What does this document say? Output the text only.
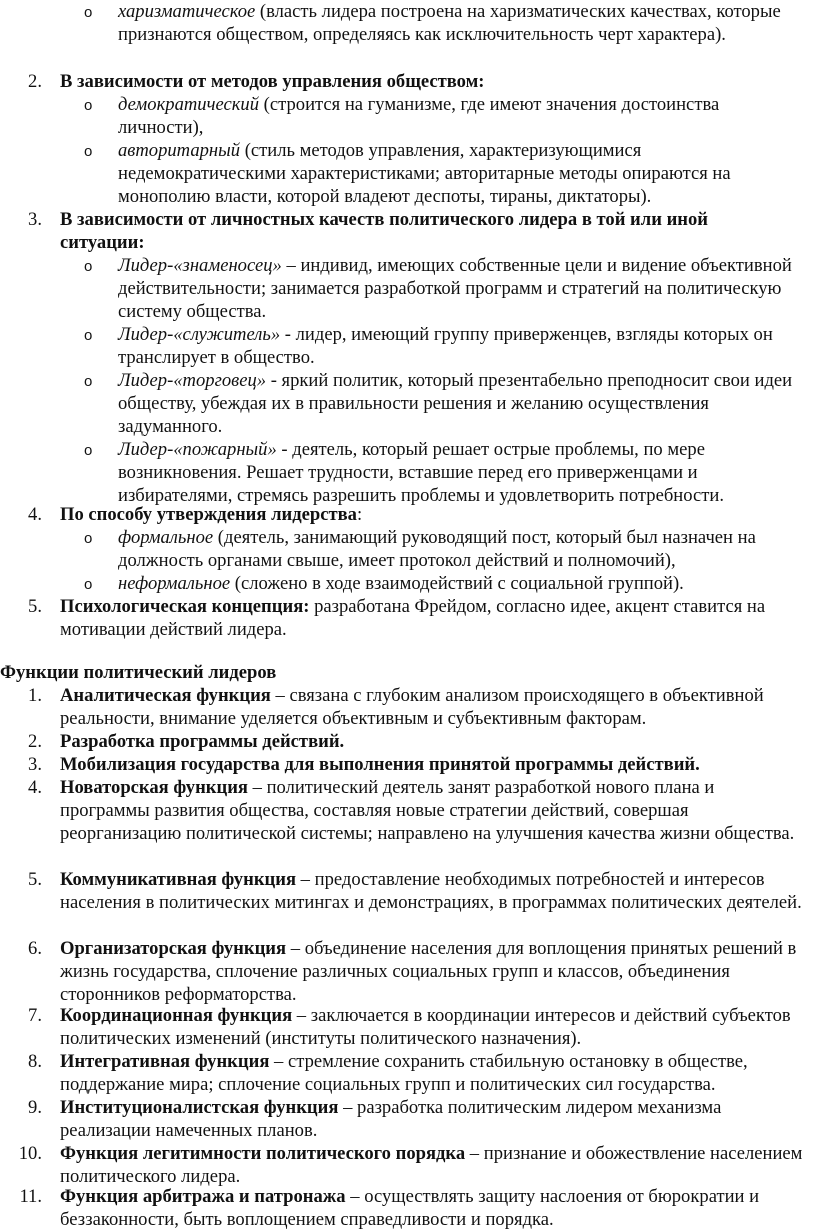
o	харизматическое (власть лидера построена на харизматических качествах, которые признаются обществом, определяясь как исключительность черт характера).
2. В зависимости от методов управления обществом:
o	демократический (строится на гуманизме, где имеют значения достоинства личности),
o	авторитарный (стиль методов управления, характеризующимися недемократическими характеристиками; авторитарные методы опираются на монополию власти, которой владеют деспоты, тираны, диктаторы).
3. В зависимости от личностных качеств политического лидера в той или иной ситуации:
o	Лидер-«знаменосец» – индивид, имеющих собственные цели и видение объективной действительности; занимается разработкой программ и стратегий на политическую систему общества.
o	Лидер-«служитель» - лидер, имеющий группу приверженцев, взгляды которых он транслирует в общество.
o	Лидер-«торговец» - яркий политик, который презентабельно преподносит свои идеи обществу, убеждая их в правильности решения и желанию осуществления задуманного.
o	Лидер-«пожарный» - деятель, который решает острые проблемы, по мере возникновения. Решает трудности, вставшие перед его приверженцами и избирателями, стремясь разрешить проблемы и удовлетворить потребности.
4. По способу утверждения лидерства:
o	формальное (деятель, занимающий руководящий пост, который был назначен на должность органами свыше, имеет протокол действий и полномочий),
o	неформальное (сложено в ходе взаимодействий с социальной группой).
5. Психологическая концепция: разработана Фрейдом, согласно идее, акцент ставится на мотивации действий лидера.
Функции политический лидеров
1. Аналитическая функция – связана с глубоким анализом происходящего в объективной реальности, внимание уделяется объективным и субъективным факторам.
2. Разработка программы действий.
3. Мобилизация государства для выполнения принятой программы действий.
4. Новаторская функция – политический деятель занят разработкой нового плана и программы развития общества, составляя новые стратегии действий, совершая реорганизацию политической системы; направлено на улучшения качества жизни общества.
5. Коммуникативная функция – предоставление необходимых потребностей и интересов населения в политических митингах и демонстрациях, в программах политических деятелей.
6. Организаторская функция – объединение населения для воплощения принятых решений в жизнь государства, сплочение различных социальных групп и классов, объединения сторонников реформаторства.
7. Координационная функция – заключается в координации интересов и действий субъектов политических изменений (институты политического назначения).
8. Интегративная функция – стремление сохранить стабильную остановку в обществе, поддержание мира; сплочение социальных групп и политических сил государства.
9. Институционалистская функция – разработка политическим лидером механизма реализации намеченных планов.
10. Функция легитимности политического порядка – признание и обожествление населением политического лидера.
11. Функция арбитража и патронажа – осуществлять защиту наслоения от бюрократии и беззаконности, быть воплощением справедливости и порядка.
